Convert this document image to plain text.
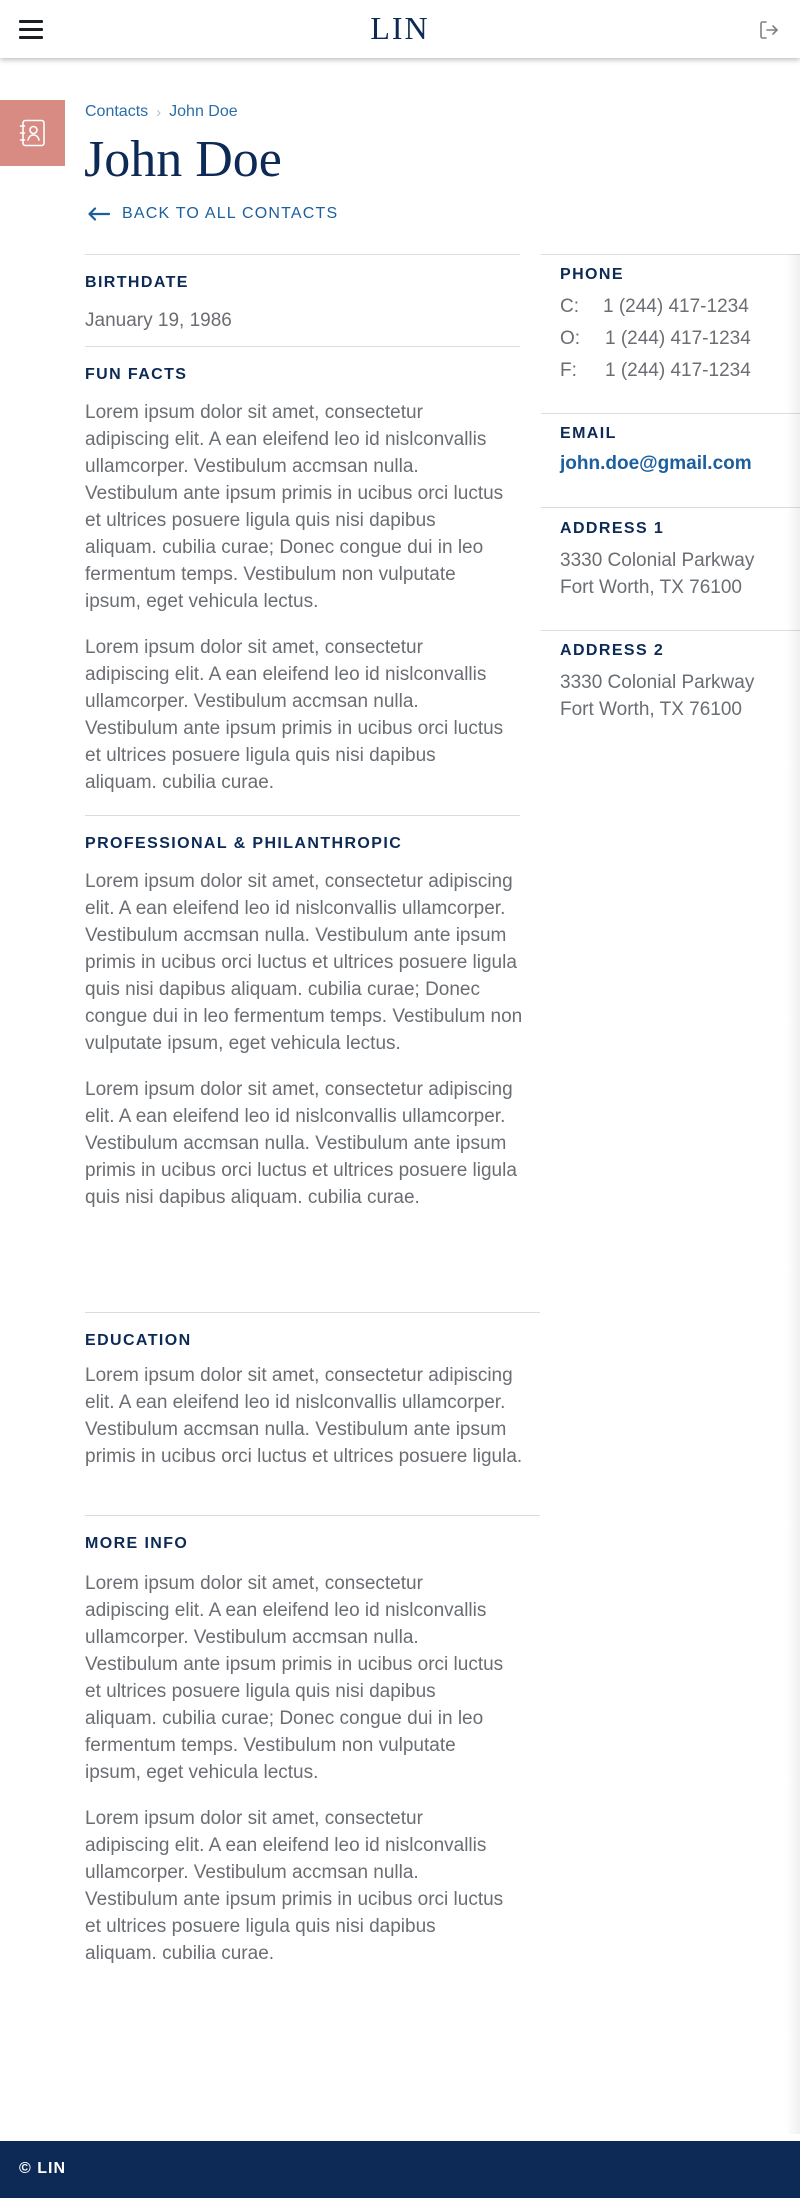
LIN
Contacts › John Doe
John Doe
BACK TO ALL CONTACTS
BIRTHDATE
January 19, 1986
FUN FACTS

Lorem ipsum dolor sit amet, consectetur adipiscing elit. A ean eleifend leo id nislconvallis ullamcorper. Vestibulum accmsan nulla. Vestibulum ante ipsum primis in ucibus orci luctus et ultrices posuere ligula quis nisi dapibus aliquam. cubilia curae; Donec congue dui in leo fermentum temps. Vestibulum non vulputate ipsum, eget vehicula lectus.

Lorem ipsum dolor sit amet, consectetur adipiscing elit. A ean eleifend leo id nislconvallis ullamcorper. Vestibulum accmsan nulla. Vestibulum ante ipsum primis in ucibus orci luctus et ultrices posuere ligula quis nisi dapibus aliquam. cubilia curae.

PROFESSIONAL & PHILANTHROPIC

Lorem ipsum dolor sit amet, consectetur adipiscing
elit. A ean eleifend leo id nislconvallis ullamcorper. Vestibulum accmsan nulla. Vestibulum ante ipsum primis in ucibus orci luctus et ultrices posuere ligula
quis nisi dapibus aliquam. cubilia curae; Donec congue dui in leo fermentum temps. Vestibulum non vulputate ipsum, eget vehicula lectus.

Lorem ipsum dolor sit amet, consectetur adipiscing elit. A ean eleifend leo id nislconvallis ullamcorper. Vestibulum accmsan nulla. Vestibulum ante ipsum primis in ucibus orci luctus et ultrices posuere ligula
quis nisi dapibus aliquam. cubilia curae.

EDUCATION

Lorem ipsum dolor sit amet, consectetur adipiscing elit. A ean eleifend leo id nislconvallis ullamcorper. Vestibulum accmsan nulla. Vestibulum ante ipsum primis in ucibus orci luctus et ultrices posuere ligula.

MORE INFO

Lorem ipsum dolor sit amet, consectetur adipiscing elit. A ean eleifend leo id nislconvallis ullamcorper. Vestibulum accmsan nulla. Vestibulum ante ipsum primis in ucibus orci luctus et ultrices posuere ligula quis nisi dapibus aliquam. cubilia curae; Donec congue dui in leo fermentum temps. Vestibulum non vulputate ipsum, eget vehicula lectus.

Lorem ipsum dolor sit amet, consectetur adipiscing elit. A ean eleifend leo id nislconvallis ullamcorper. Vestibulum accmsan nulla. Vestibulum ante ipsum primis in ucibus orci luctus et ultrices posuere ligula quis nisi dapibus aliquam. cubilia curae.

PHONE
C:	1 (244) 417-1234
O:	1 (244) 417-1234
F:	1 (244) 417-1234
EMAIL
john.doe@gmail.com
ADDRESS 1
3330 Colonial Parkway
Fort Worth, TX 76100
ADDRESS 2
3330 Colonial Parkway
Fort Worth, TX 76100
© LIN
